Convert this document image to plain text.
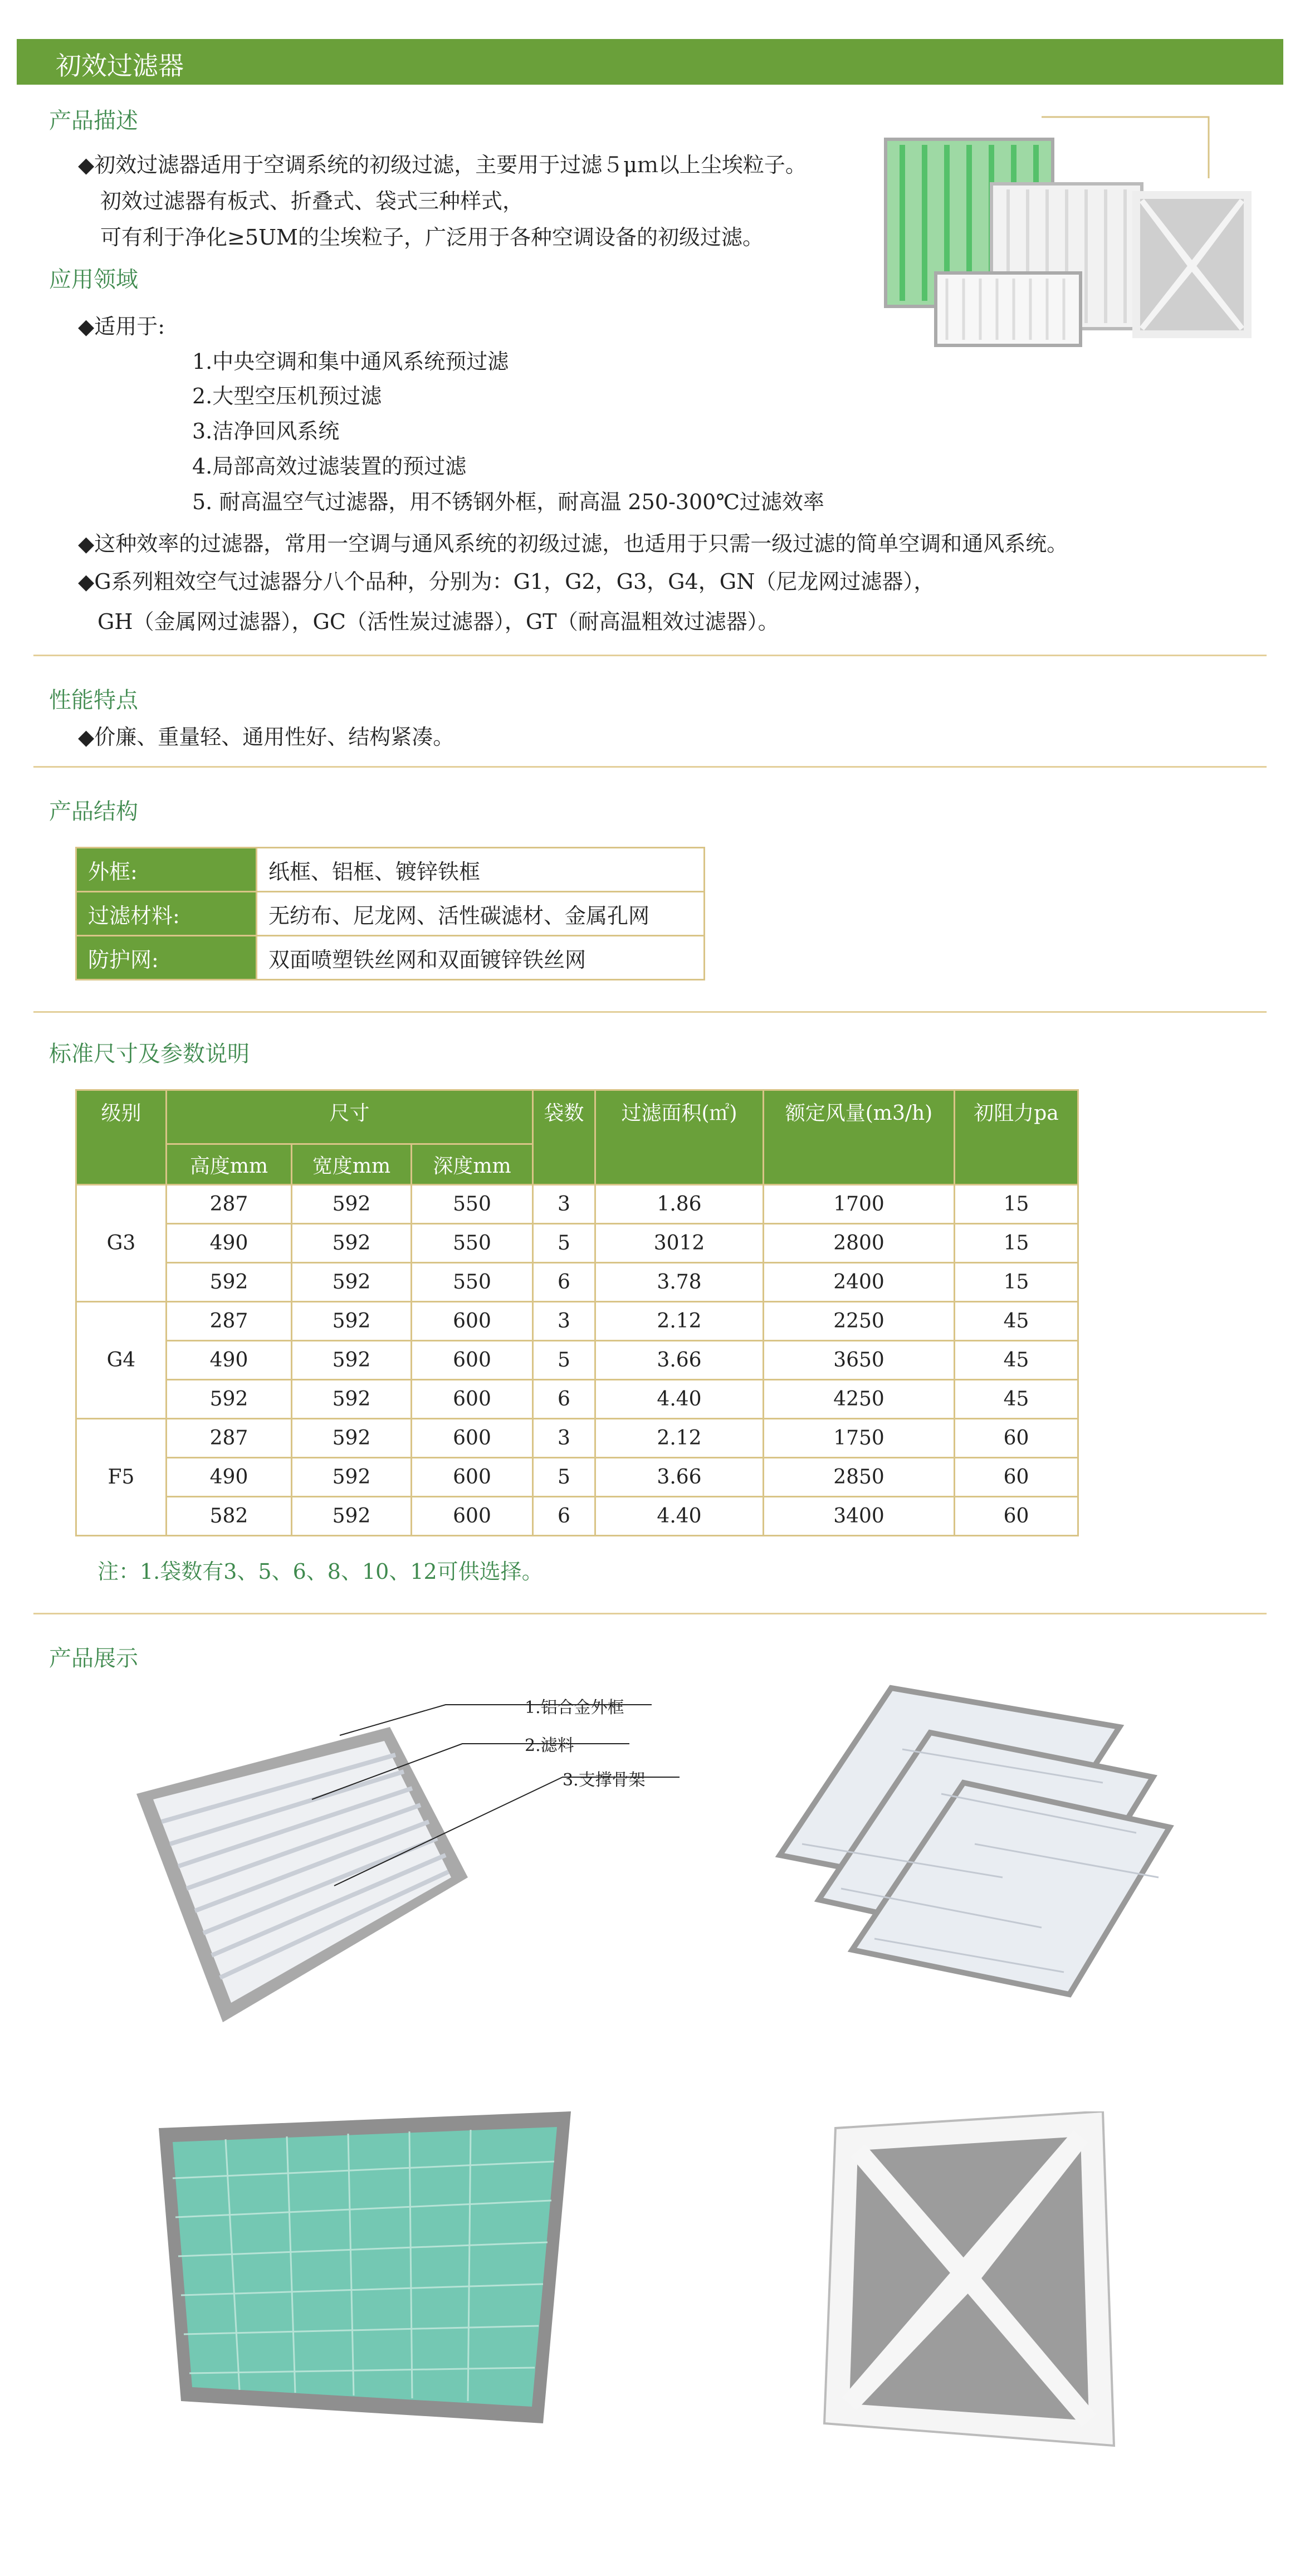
初效过滤器
产品描述
◆初效过滤器适用于空调系统的初级过滤，主要用于过滤５μｍ以上尘埃粒子。
初效过滤器有板式、折叠式、袋式三种样式，
可有利于净化≥5UM的尘埃粒子，广泛用于各种空调设备的初级过滤。
应用领域
◆适用于:
1.中央空调和集中通风系统预过滤
2.大型空压机预过滤
3.洁净回风系统
4.局部高效过滤装置的预过滤
5. 耐高温空气过滤器，用不锈钢外框，耐高温 250-300℃过滤效率
◆这种效率的过滤器，常用一空调与通风系统的初级过滤，也适用于只需一级过滤的简单空调和通风系统。
◆G系列粗效空气过滤器分八个品种，分别为：G1，G2，G3，G4，GN（尼龙网过滤器），
GH（金属网过滤器），GC（活性炭过滤器），GT（耐高温粗效过滤器）。
性能特点
◆价廉、重量轻、通用性好、结构紧凑。
产品结构
外框:	纸框、铝框、镀锌铁框
过滤材料:	无纺布、尼龙网、活性碳滤材、金属孔网
防护网:	双面喷塑铁丝网和双面镀锌铁丝网
标准尺寸及参数说明
级别	尺寸			袋数	过滤面积(㎡)	额定风量(m3/h)	初阻力pa
	高度mm	宽度mm	深度mm				
G3	287	592	550	3	1.86	1700	15
	490	592	550	5	3012	2800	15
	592	592	550	6	3.78	2400	15
G4	287	592	600	3	2.12	2250	45
	490	592	600	5	3.66	3650	45
	592	592	600	6	4.40	4250	45
F5	287	592	600	3	2.12	1750	60
	490	592	600	5	3.66	2850	60
	582	592	600	6	4.40	3400	60
注：1.袋数有3、5、6、8、10、12可供选择。
产品展示
1.铝合金外框
2.滤料
3.支撑骨架
